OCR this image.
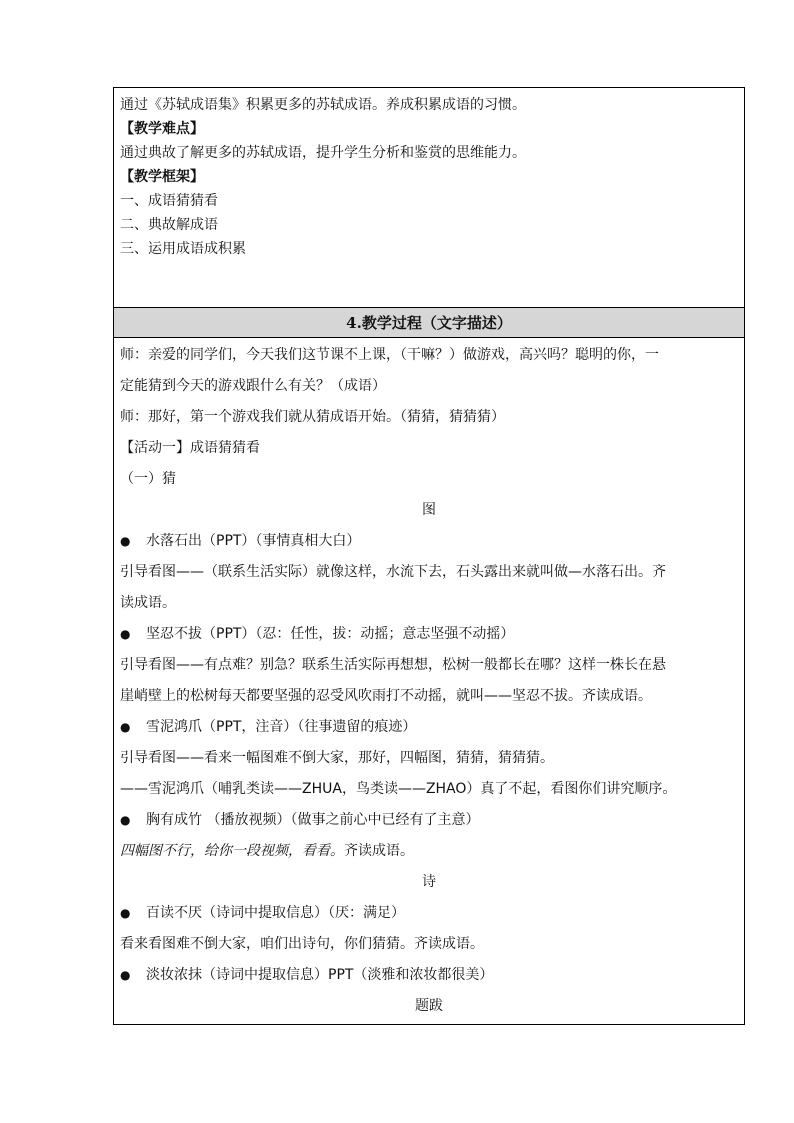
通过《苏轼成语集》积累更多的苏轼成语。养成积累成语的习惯。

【教学难点】

通过典故了解更多的苏轼成语，提升学生分析和鉴赏的思维能力。

【教学框架】

一、成语猜猜看

二、典故解成语

三、运用成语成积累

4.教学过程（文字描述）

师：亲爱的同学们，今天我们这节课不上课，（干嘛？）做游戏，高兴吗？聪明的你，一

定能猜到今天的游戏跟什么有关？（成语）

师：那好，第一个游戏我们就从猜成语开始。（猜猜，猜猜猜）

【活动一】成语猜猜看

（一）猜

图

●	水落石出（PPT）（事情真相大白）

引导看图——（联系生活实际）就像这样，水流下去，石头露出来就叫做—水落石出。齐

读成语。

●	坚忍不拔（PPT）（忍：任性，拔：动摇；意志坚强不动摇）

引导看图——有点难？别急？联系生活实际再想想，松树一般都长在哪？这样一株长在悬

崖峭壁上的松树每天都要坚强的忍受风吹雨打不动摇，就叫——坚忍不拔。齐读成语。

●	雪泥鸿爪（PPT，注音）（往事遗留的痕迹）

引导看图——看来一幅图难不倒大家，那好，四幅图，猜猜，猜猜猜。

——雪泥鸿爪（哺乳类读——ZHUA，鸟类读——ZHAO）真了不起，看图你们讲究顺序。

●	胸有成竹 （播放视频）（做事之前心中已经有了主意）

四幅图不行，给你一段视频，看看。齐读成语。

诗

●	百读不厌（诗词中提取信息）（厌：满足）

看来看图难不倒大家，咱们出诗句，你们猜猜。齐读成语。

●	淡妆浓抹（诗词中提取信息）PPT（淡雅和浓妆都很美）

题跋
